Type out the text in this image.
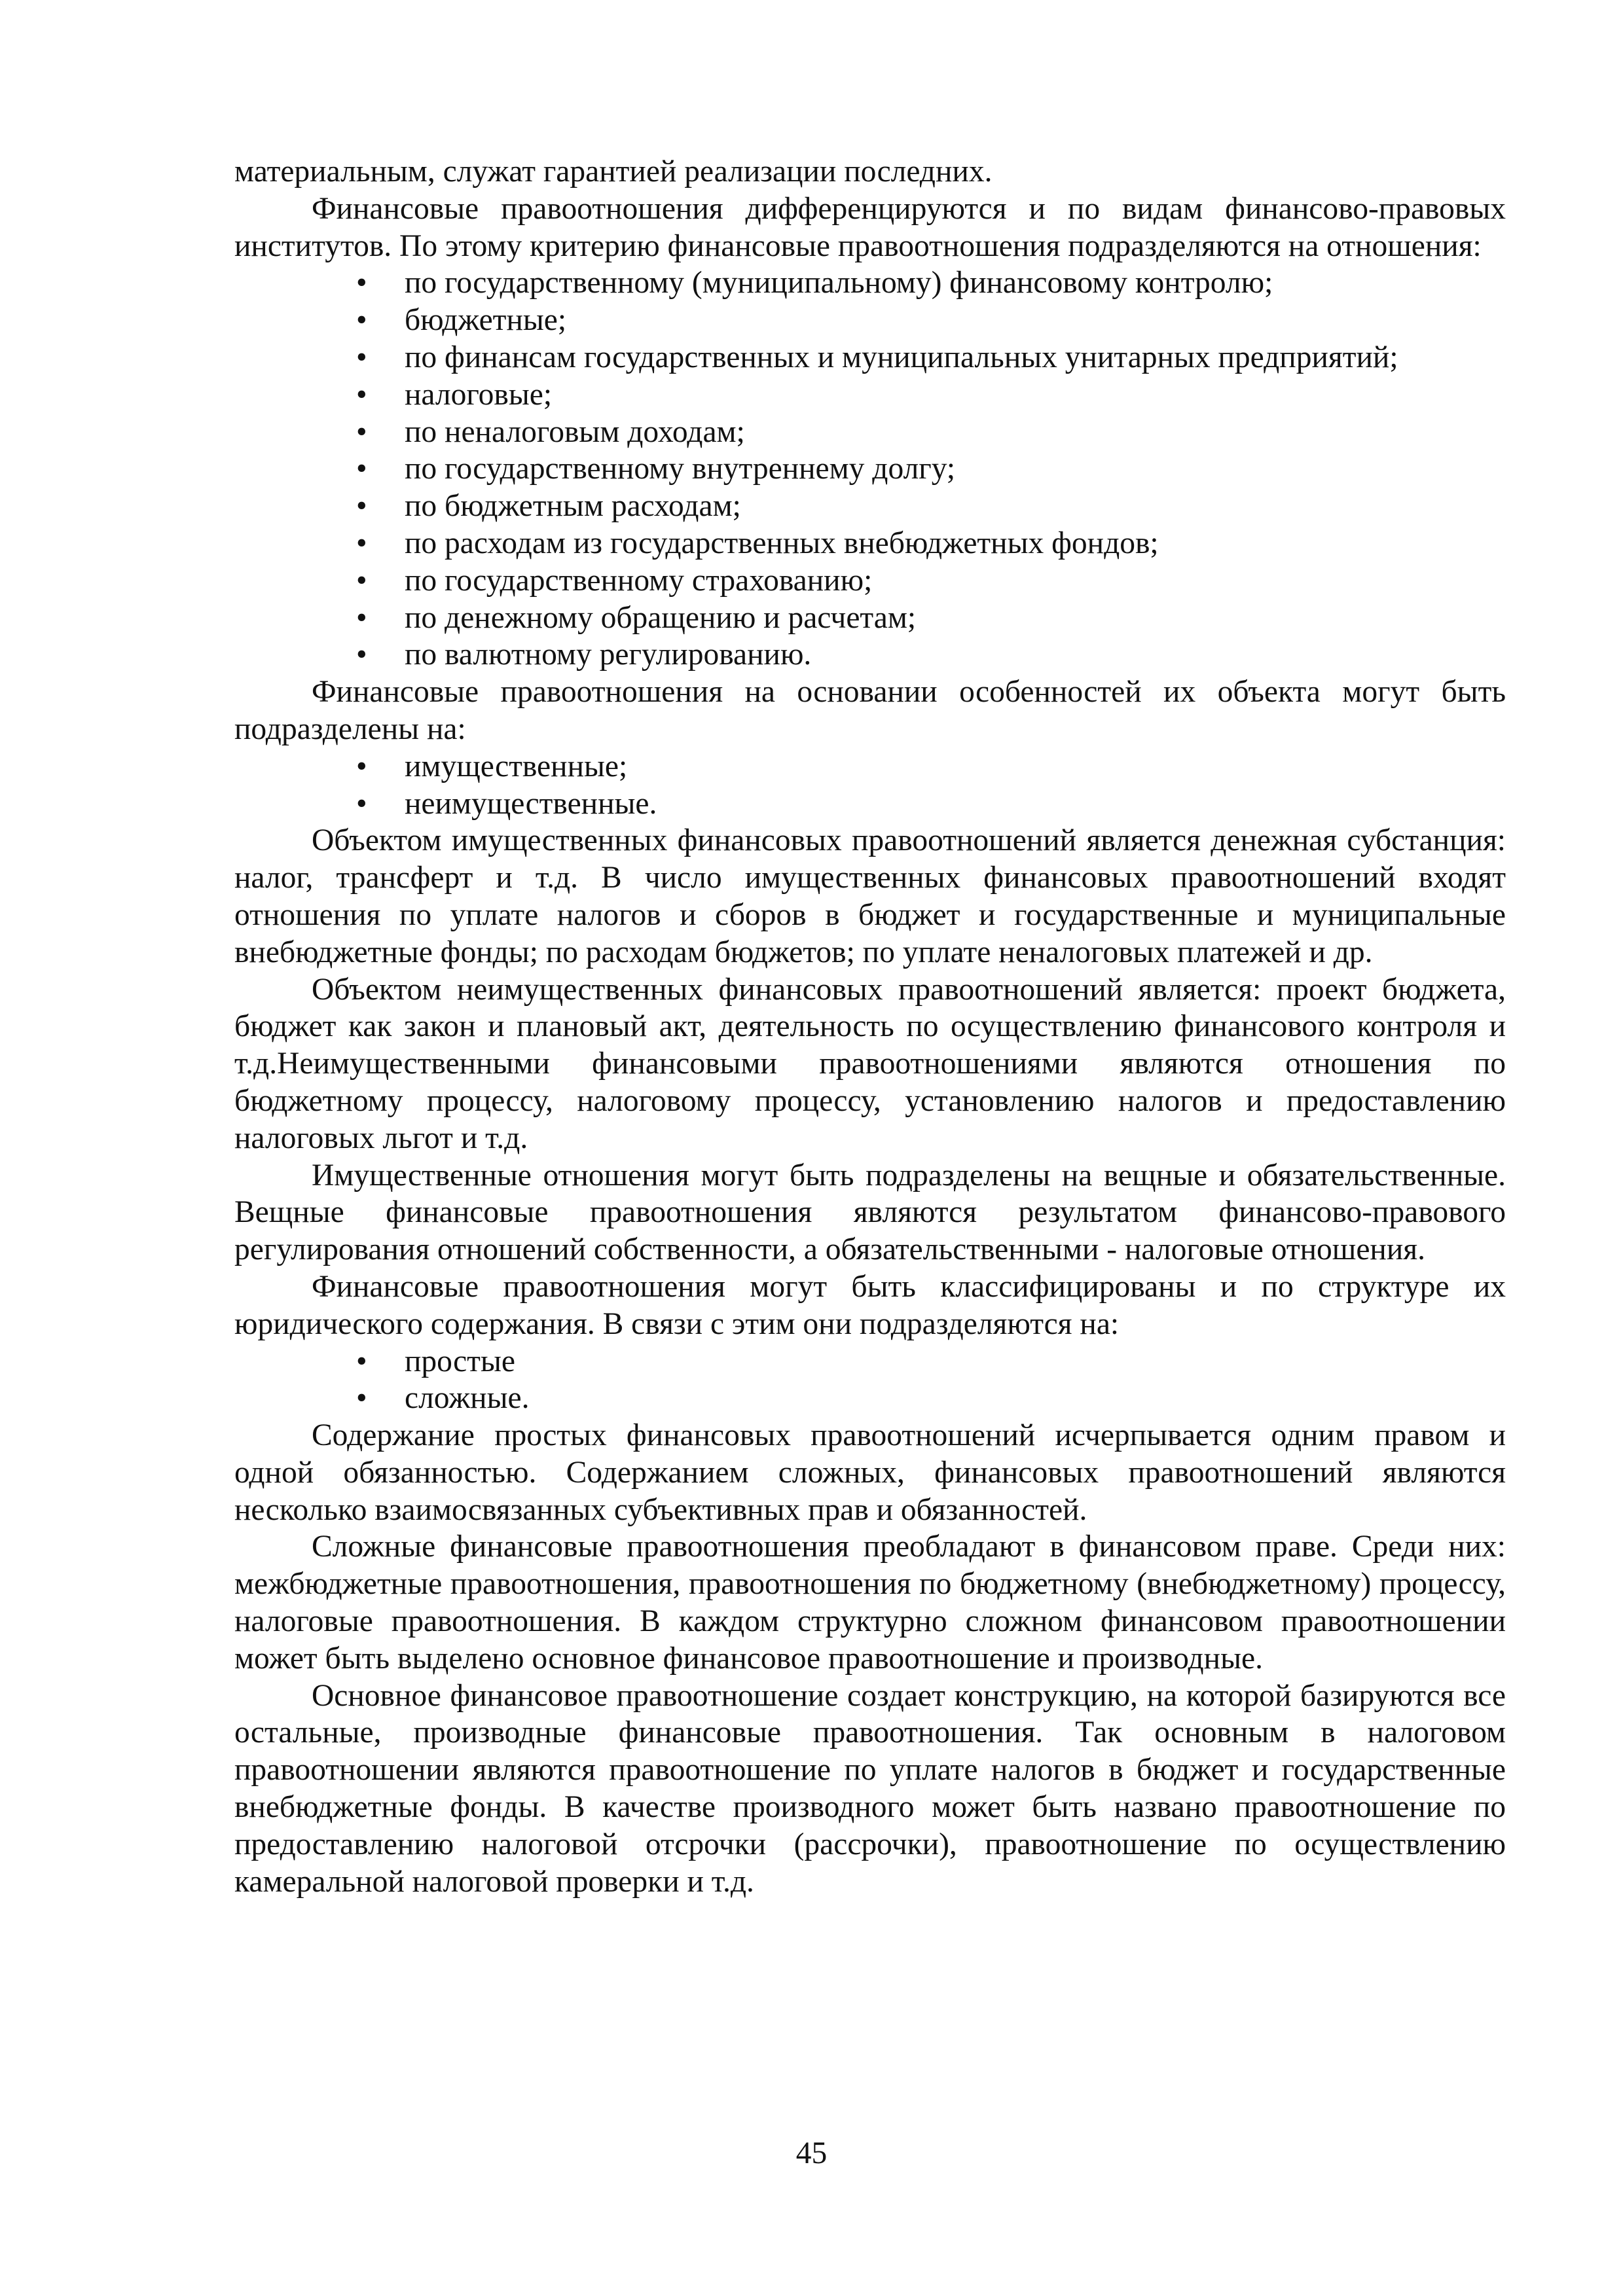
материальным, служат гарантией реализации последних.

Финансовые правоотношения дифференцируются и по видам финансово-правовых институтов. По этому критерию финансовые правоотношения подразделяются на отношения:

• по государственному (муниципальному) финансовому контролю;
• бюджетные;
• по финансам государственных и муниципальных унитарных предприятий;
• налоговые;
• по неналоговым доходам;
• по государственному внутреннему долгу;
• по бюджетным расходам;
• по расходам из государственных внебюджетных фондов;
• по государственному страхованию;
• по денежному обращению и расчетам;
• по валютному регулированию.

Финансовые правоотношения на основании особенностей их объекта могут быть подразделены на:

• имущественные;
• неимущественные.

Объектом имущественных финансовых правоотношений является денежная субстанция: налог, трансферт и т.д. В число имущественных финансовых правоотношений входят отношения по уплате налогов и сборов в бюджет и государственные и муниципальные внебюджетные фонды; по расходам бюджетов; по уплате неналоговых платежей и др.

Объектом неимущественных финансовых правоотношений является: проект бюджета, бюджет как закон и плановый акт, деятельность по осуществлению финансового контроля и т.д.Неимущественными финансовыми правоотношениями являются отношения по бюджетному процессу, налоговому процессу, установлению налогов и предоставлению налоговых льгот и т.д.

Имущественные отношения могут быть подразделены на вещные и обязательственные. Вещные финансовые правоотношения являются результатом финансово-правового регулирования отношений собственности, а обязательственными - налоговые отношения.

Финансовые правоотношения могут быть классифицированы и по структуре их юридического содержания. В связи с этим они подразделяются на:

• простые
• сложные.

Содержание простых финансовых правоотношений исчерпывается одним правом и одной обязанностью. Содержанием сложных, финансовых правоотношений являются несколько взаимосвязанных субъективных прав и обязанностей.

Сложные финансовые правоотношения преобладают в финансовом праве. Среди них: межбюджетные правоотношения, правоотношения по бюджетному (внебюджетному) процессу, налоговые правоотношения. В каждом структурно сложном финансовом правоотношении может быть выделено основное финансовое правоотношение и производные.

Основное финансовое правоотношение создает конструкцию, на которой базируются все остальные, производные финансовые правоотношения. Так основным в налоговом правоотношении являются правоотношение по уплате налогов в бюджет и государственные внебюджетные фонды. В качестве производного может быть названо правоотношение по предоставлению налоговой отсрочки (рассрочки), правоотношение по осуществлению камеральной налоговой проверки и т.д.

45
